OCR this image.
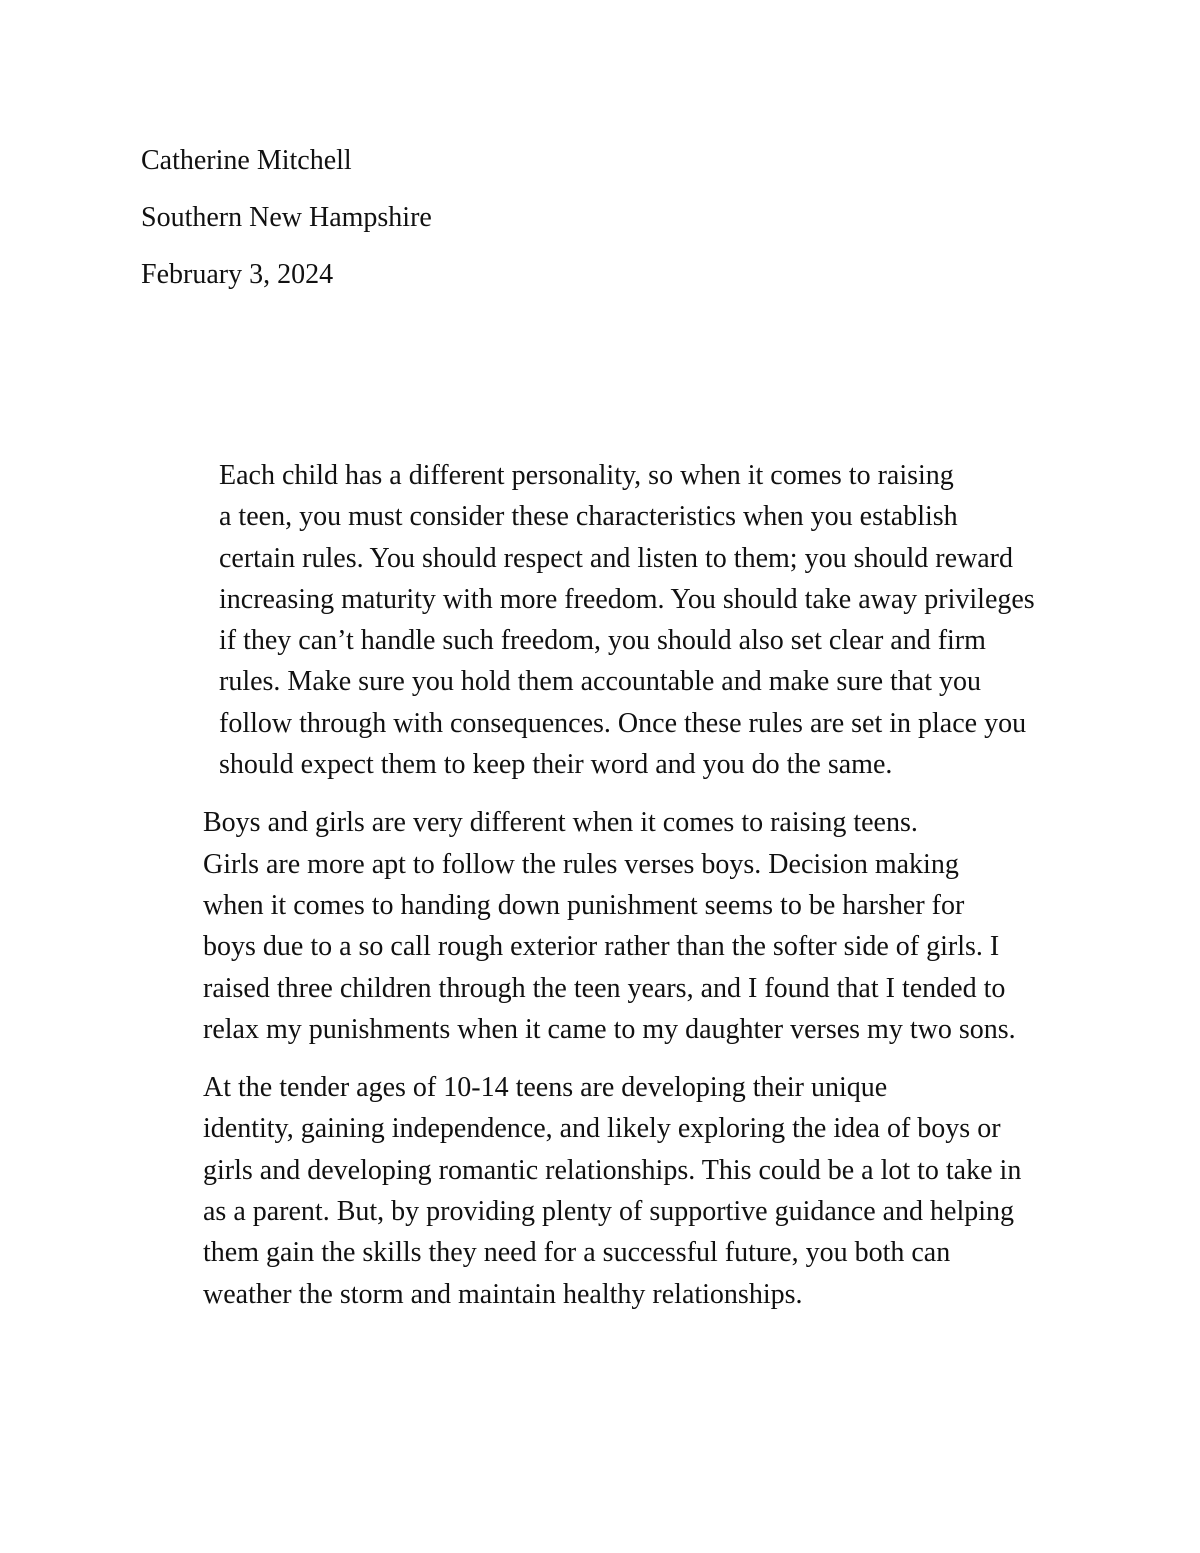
Catherine Mitchell
Southern New Hampshire
February 3, 2024

Each child has a different personality, so when it comes to raising
a teen, you must consider these characteristics when you establish
certain rules. You should respect and listen to them; you should reward
increasing maturity with more freedom. You should take away privileges
if they can’t handle such freedom, you should also set clear and firm
rules. Make sure you hold them accountable and make sure that you
follow through with consequences. Once these rules are set in place you
should expect them to keep their word and you do the same.

Boys and girls are very different when it comes to raising teens.
Girls are more apt to follow the rules verses boys. Decision making
when it comes to handing down punishment seems to be harsher for
boys due to a so call rough exterior rather than the softer side of girls. I
raised three children through the teen years, and I found that I tended to
relax my punishments when it came to my daughter verses my two sons.

At the tender ages of 10-14 teens are developing their unique
identity, gaining independence, and likely exploring the idea of boys or
girls and developing romantic relationships. This could be a lot to take in
as a parent. But, by providing plenty of supportive guidance and helping
them gain the skills they need for a successful future, you both can
weather the storm and maintain healthy relationships.
